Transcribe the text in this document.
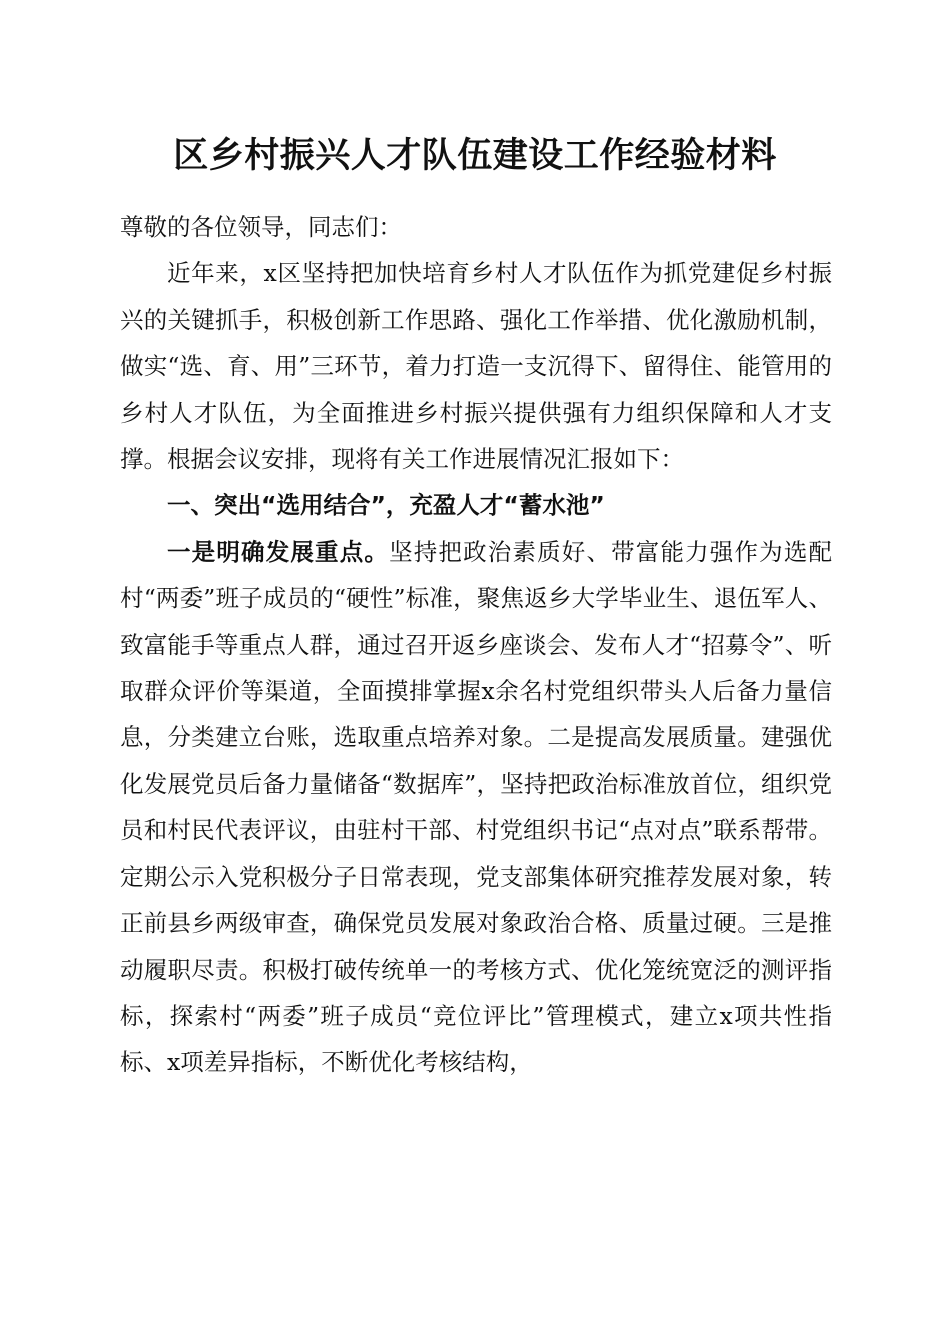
区乡村振兴人才队伍建设工作经验材料

尊敬的各位领导，同志们：

近年来，x区坚持把加快培育乡村人才队伍作为抓党建促乡村振兴的关键抓手，积极创新工作思路、强化工作举措、优化激励机制，做实“选、育、用”三环节，着力打造一支沉得下、留得住、能管用的乡村人才队伍，为全面推进乡村振兴提供强有力组织保障和人才支撑。根据会议安排，现将有关工作进展情况汇报如下：

一、突出“选用结合”，充盈人才“蓄水池”

一是明确发展重点。坚持把政治素质好、带富能力强作为选配村“两委”班子成员的“硬性”标准，聚焦返乡大学毕业生、退伍军人、致富能手等重点人群，通过召开返乡座谈会、发布人才“招募令”、听取群众评价等渠道，全面摸排掌握x余名村党组织带头人后备力量信息，分类建立台账，选取重点培养对象。二是提高发展质量。建强优化发展党员后备力量储备“数据库”，坚持把政治标准放首位，组织党员和村民代表评议，由驻村干部、村党组织书记“点对点”联系帮带。定期公示入党积极分子日常表现，党支部集体研究推荐发展对象，转正前县乡两级审查，确保党员发展对象政治合格、质量过硬。三是推动履职尽责。积极打破传统单一的考核方式、优化笼统宽泛的测评指标，探索村“两委”班子成员“竞位评比”管理模式，建立x项共性指标、x项差异指标，不断优化考核结构，
